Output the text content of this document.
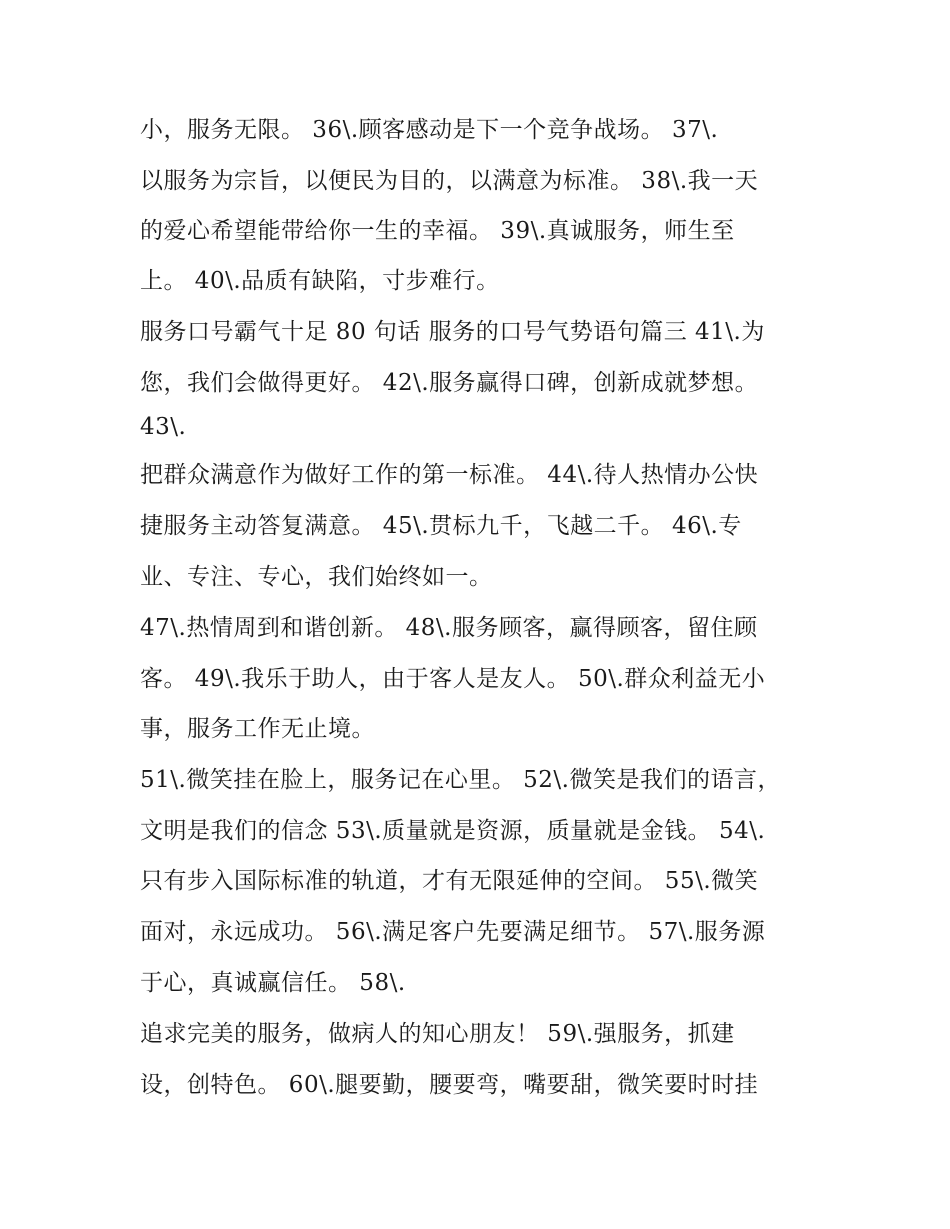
小，服务无限。 36\.顾客感动是下一个竞争战场。 37\.
以服务为宗旨，以便民为目的，以满意为标准。 38\.我一天
的爱心希望能带给你一生的幸福。 39\.真诚服务，师生至
上。 40\.品质有缺陷，寸步难行。
服务口号霸气十足 80 句话 服务的口号气势语句篇三 41\.为
您，我们会做得更好。 42\.服务赢得口碑，创新成就梦想。
43\.
把群众满意作为做好工作的第一标准。 44\.待人热情办公快
捷服务主动答复满意。 45\.贯标九千，飞越二千。 46\.专
业、专注、专心，我们始终如一。
47\.热情周到和谐创新。 48\.服务顾客，赢得顾客，留住顾
客。 49\.我乐于助人，由于客人是友人。 50\.群众利益无小
事，服务工作无止境。
51\.微笑挂在脸上，服务记在心里。 52\.微笑是我们的语言，
文明是我们的信念 53\.质量就是资源，质量就是金钱。 54\.
只有步入国际标准的轨道，才有无限延伸的空间。 55\.微笑
面对，永远成功。 56\.满足客户先要满足细节。 57\.服务源
于心，真诚赢信任。 58\.
追求完美的服务，做病人的知心朋友！ 59\.强服务，抓建
设，创特色。 60\.腿要勤，腰要弯，嘴要甜，微笑要时时挂
